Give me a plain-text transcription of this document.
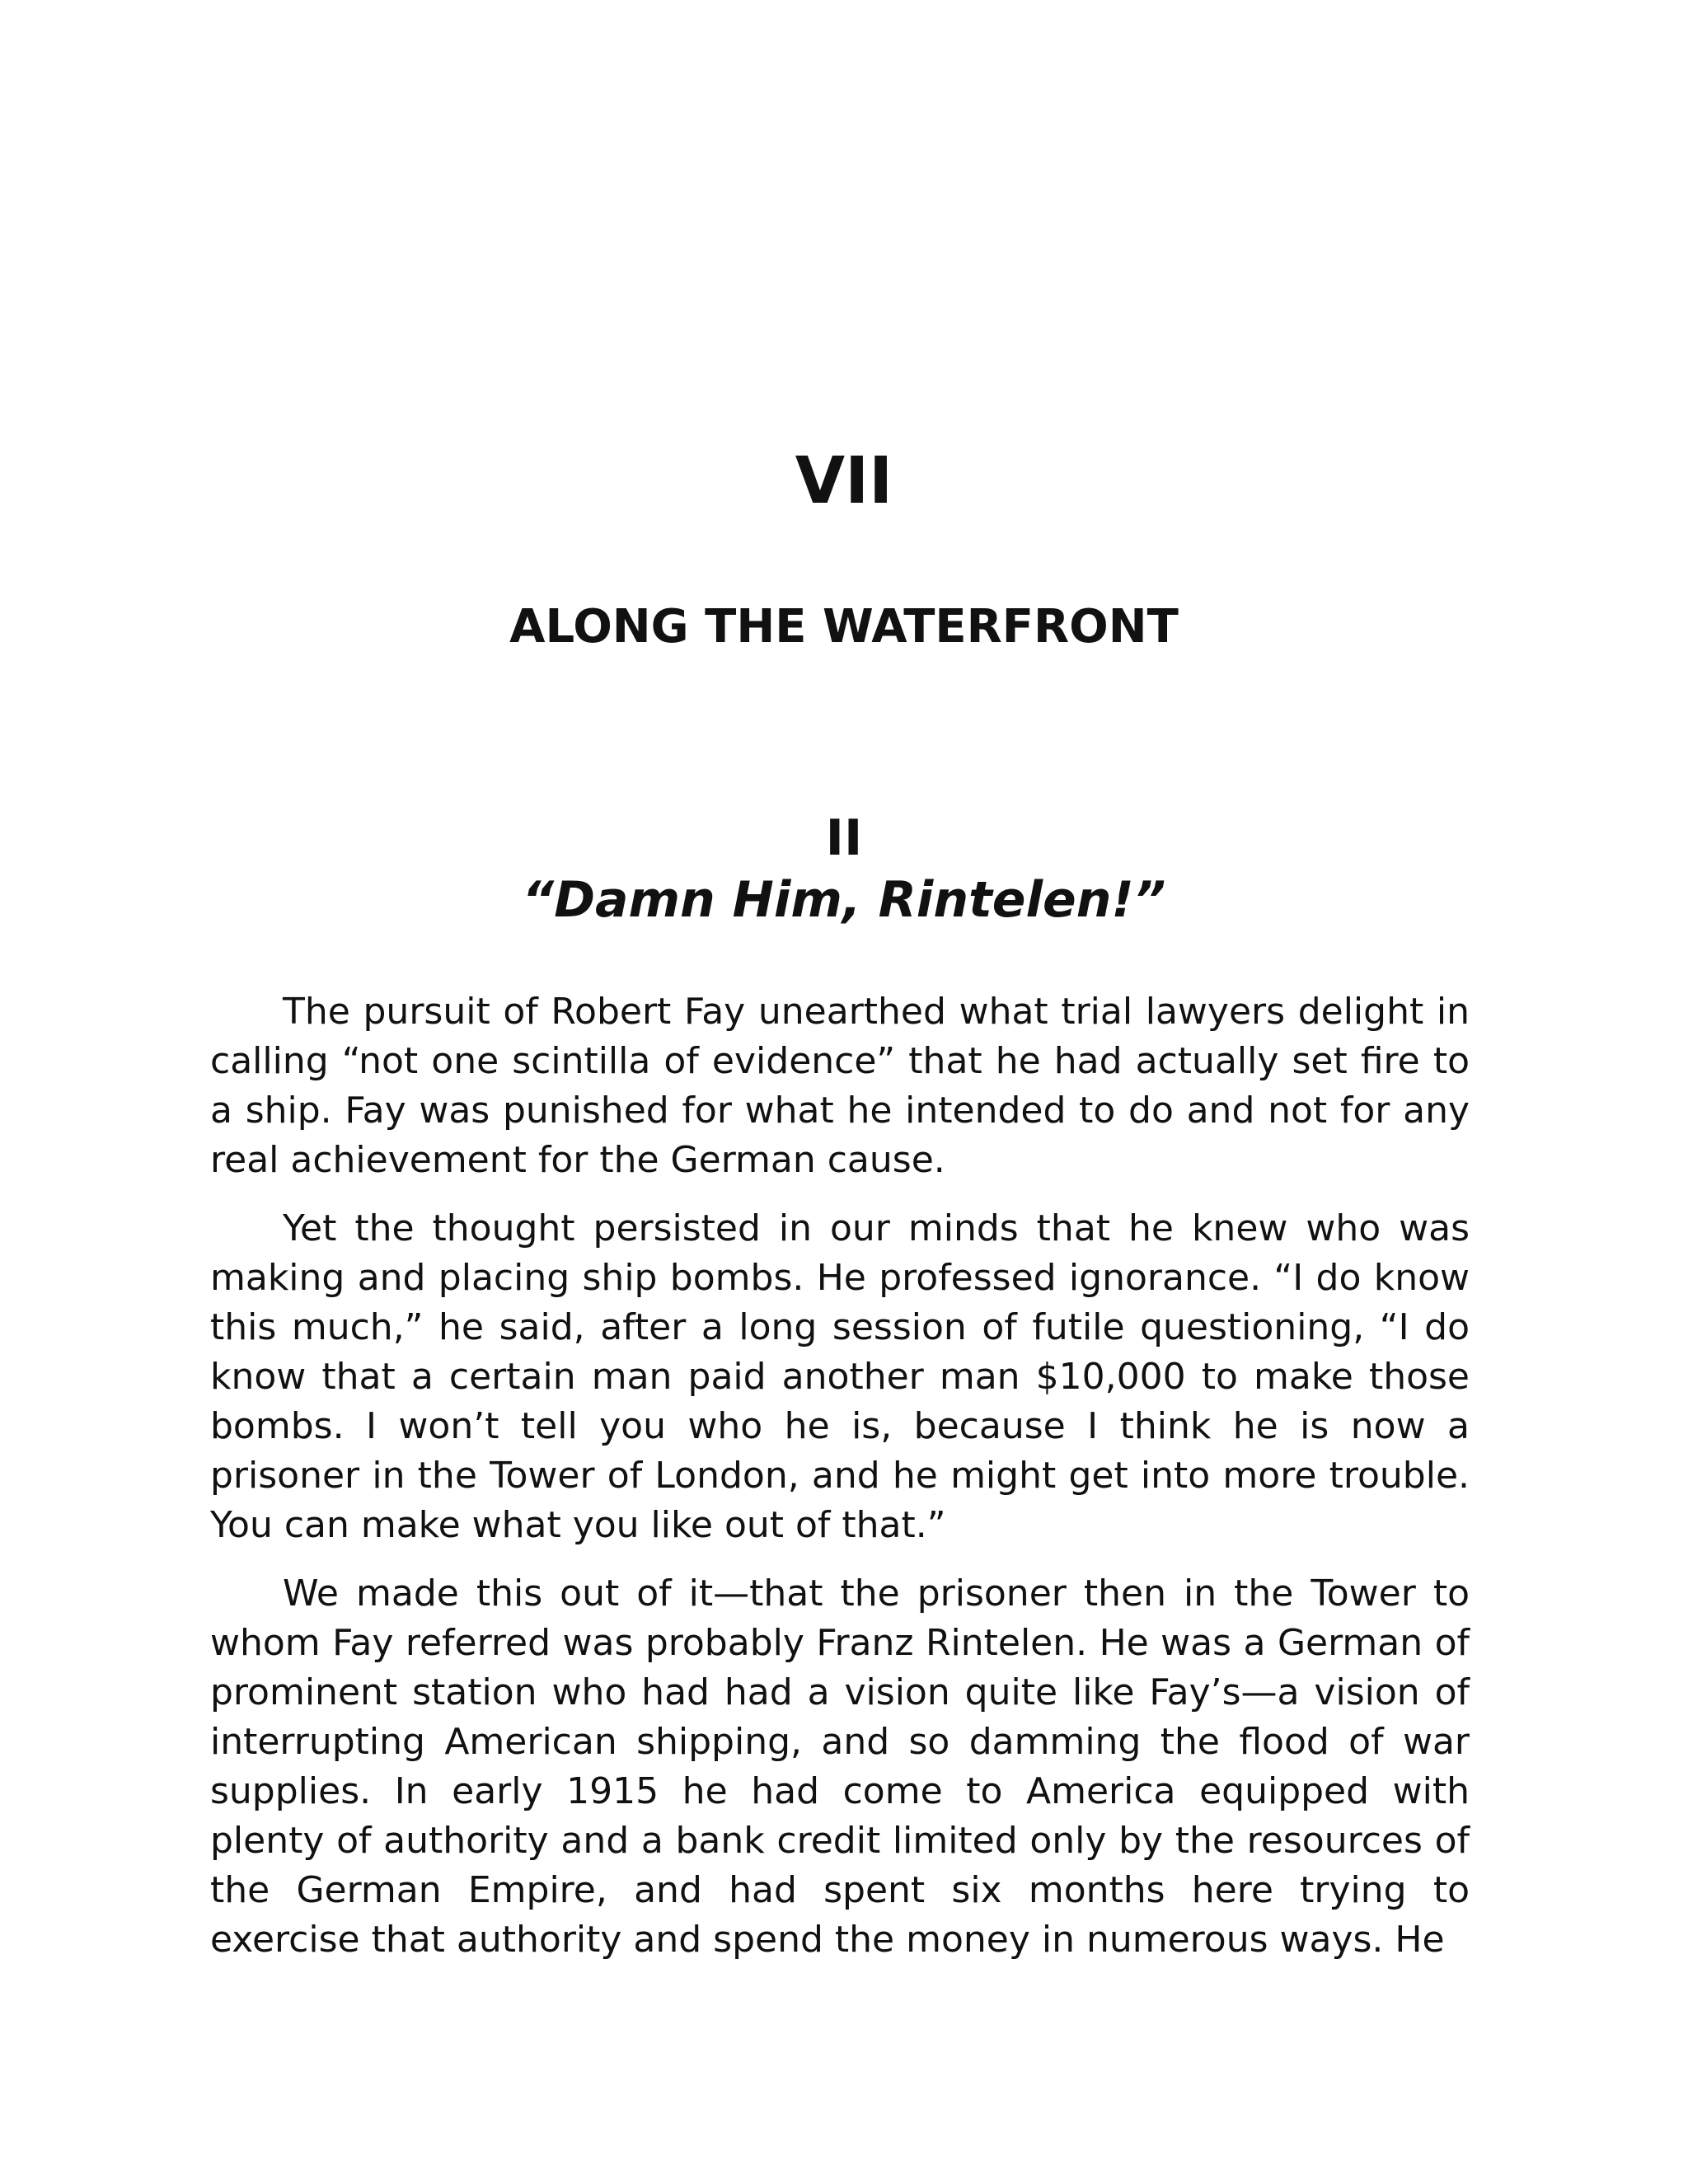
VII
ALONG THE WATERFRONT
II
“Damn Him, Rintelen!”

The pursuit of Robert Fay unearthed what trial lawyers delight in calling “not one scintilla of evidence” that he had actually set fire to a ship. Fay was punished for what he intended to do and not for any real achievement for the German cause.

Yet the thought persisted in our minds that he knew who was making and placing ship bombs. He professed ignorance. “I do know this much,” he said, after a long session of futile questioning, “I do know that a certain man paid another man $10,000 to make those bombs. I won’t tell you who he is, because I think he is now a prisoner in the Tower of London, and he might get into more trouble. You can make what you like out of that.”

We made this out of it—that the prisoner then in the Tower to whom Fay referred was probably Franz Rintelen. He was a German of prominent station who had had a vision quite like Fay’s—a vision of interrupting American shipping, and so damming the flood of war supplies. In early 1915 he had come to America equipped with plenty of authority and a bank credit limited only by the resources of the German Empire, and had spent six months here trying to exercise that authority and spend the money in numerous ways. He
